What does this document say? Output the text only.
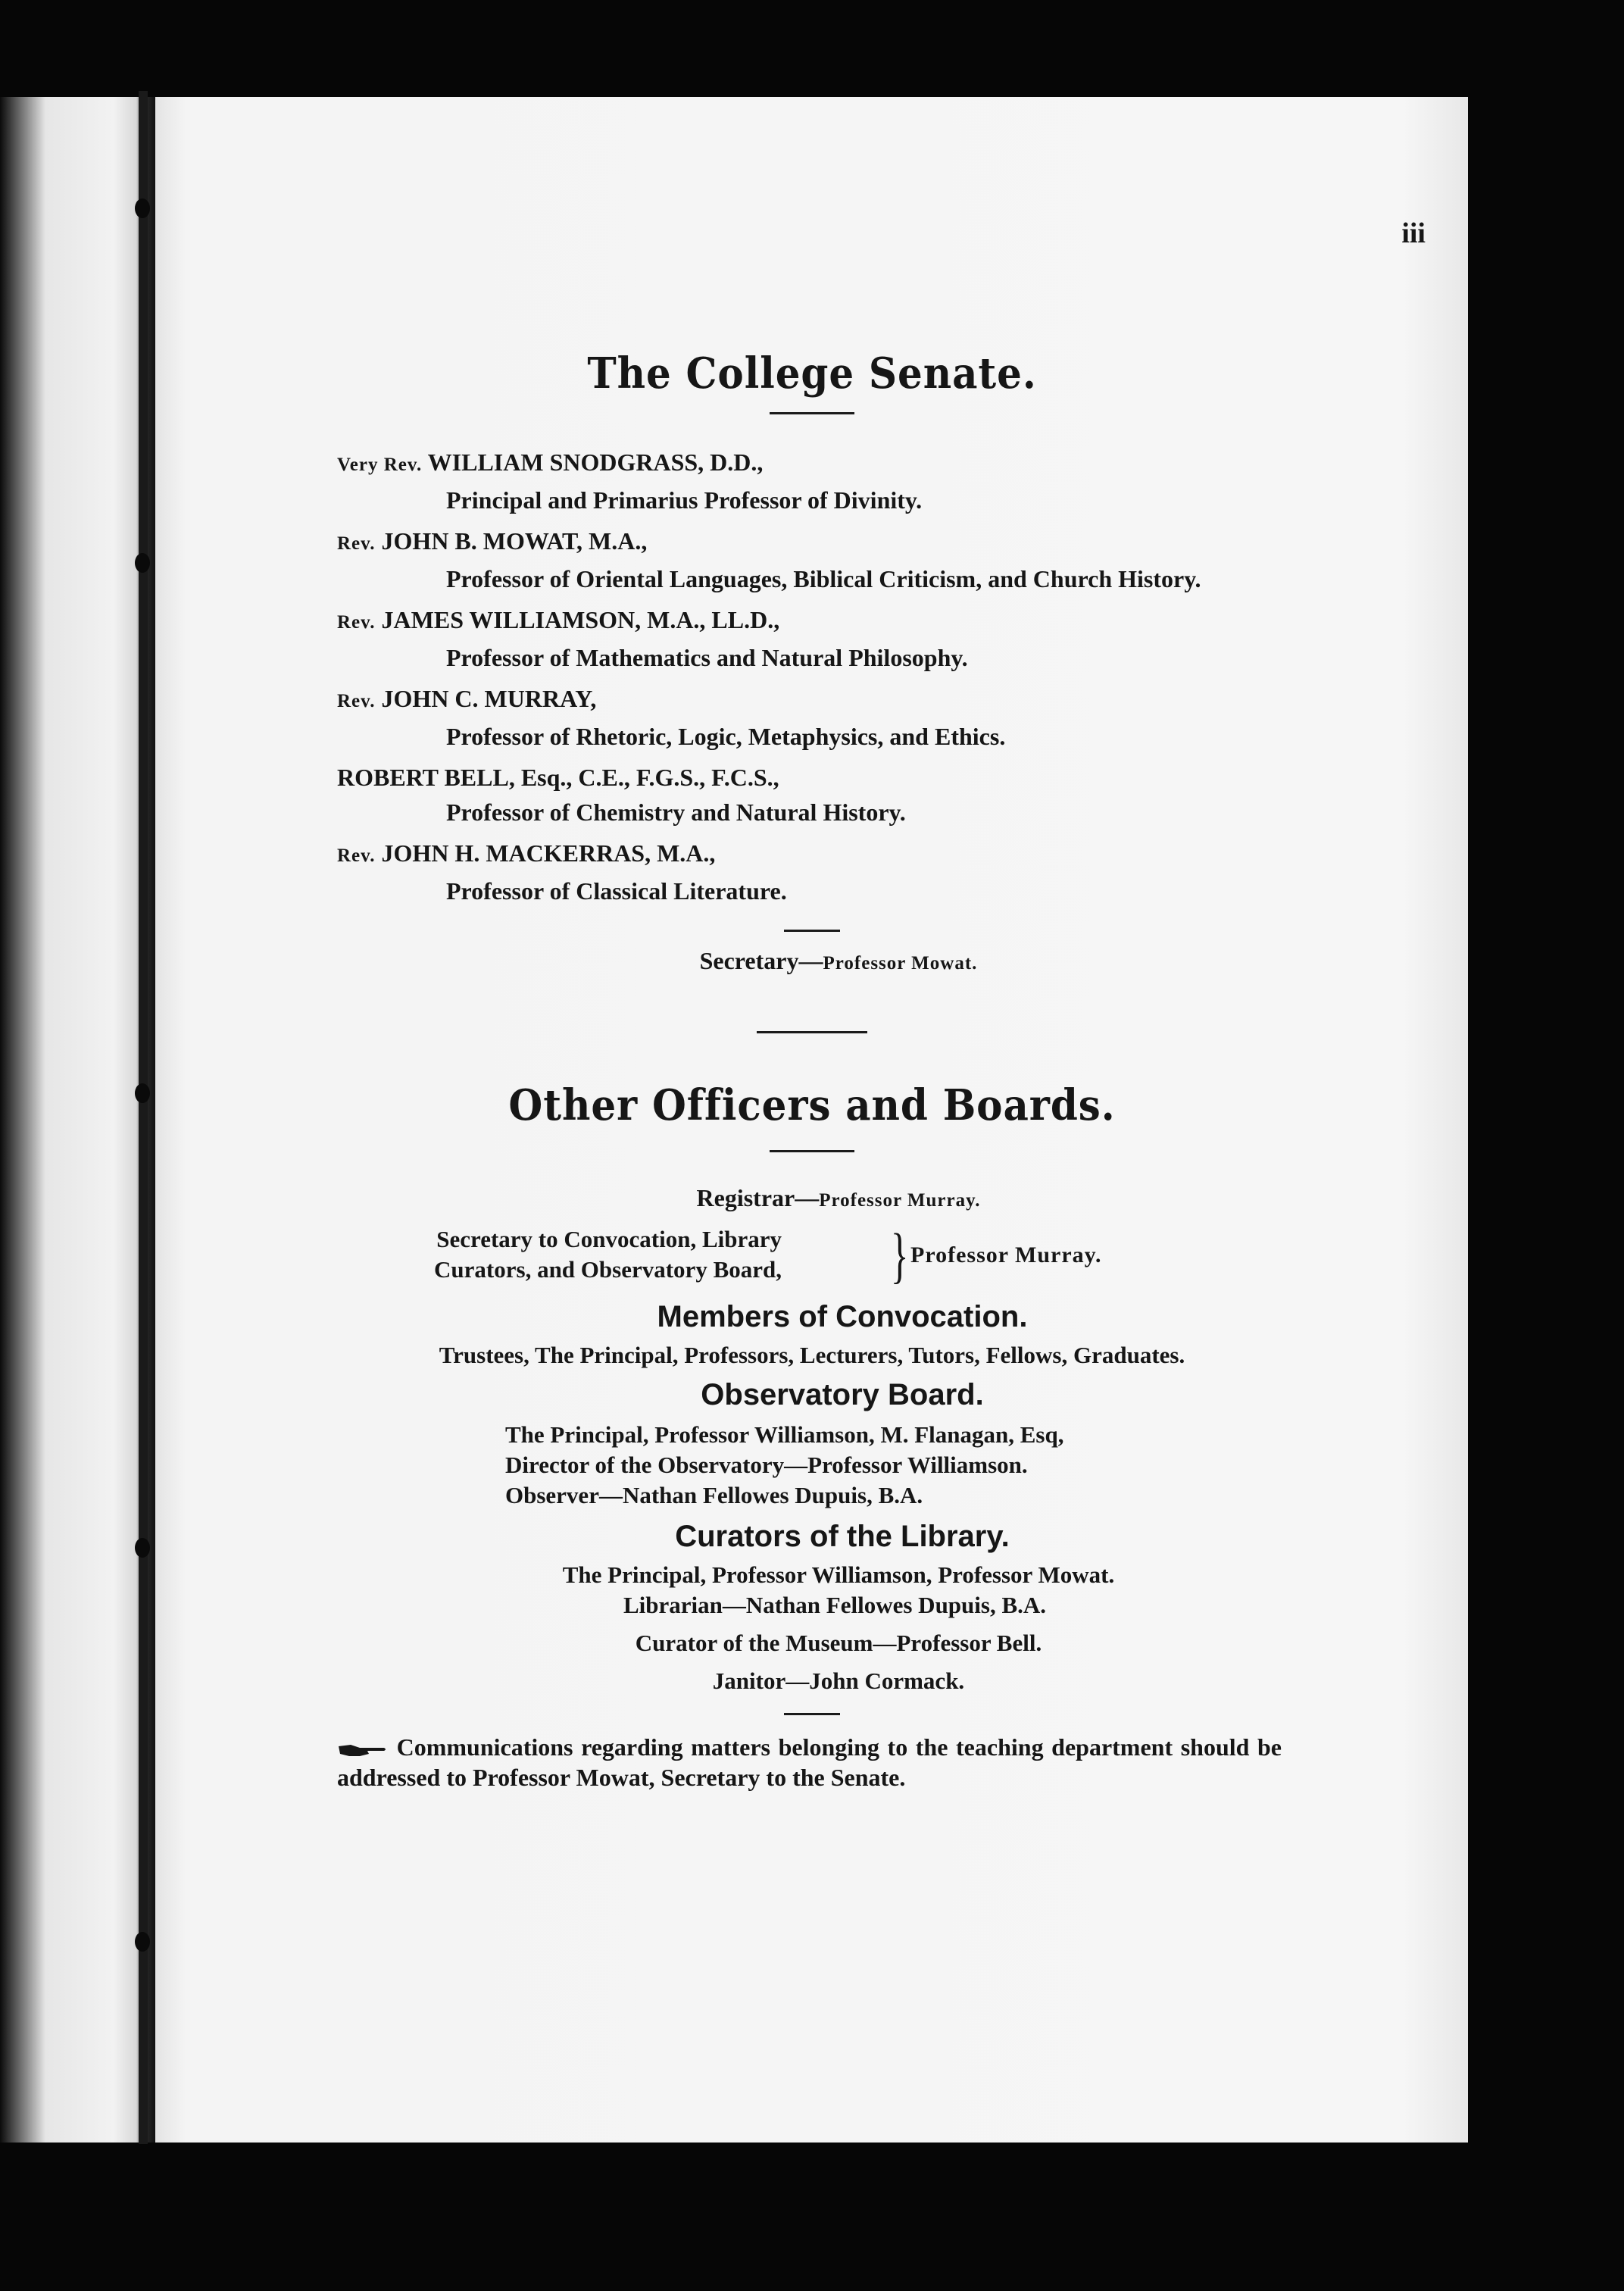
iii
The College Senate.
Very Rev. WILLIAM SNODGRASS, D.D.,
Principal and Primarius Professor of Divinity.
Rev. JOHN B. MOWAT, M.A.,
Professor of Oriental Languages, Biblical Criticism, and Church History.
Rev. JAMES WILLIAMSON, M.A., LL.D.,
Professor of Mathematics and Natural Philosophy.
Rev. JOHN C. MURRAY,
Professor of Rhetoric, Logic, Metaphysics, and Ethics.
ROBERT BELL, Esq., C.E., F.G.S., F.C.S.,
Professor of Chemistry and Natural History.
Rev. JOHN H. MACKERRAS, M.A.,
Professor of Classical Literature.
Secretary—Professor Mowat.
Other Officers and Boards.
Registrar—Professor Murray.
Secretary to Convocation, Library
Curators, and Observatory Board, } Professor Murray.
Members of Convocation.
Trustees, The Principal, Professors, Lecturers, Tutors, Fellows, Graduates.
Observatory Board.
The Principal, Professor Williamson, M. Flanagan, Esq,
Director of the Observatory—Professor Williamson.
Observer—Nathan Fellowes Dupuis, B.A.
Curators of the Library.
The Principal, Professor Williamson, Professor Mowat.
Librarian—Nathan Fellowes Dupuis, B.A.
Curator of the Museum—Professor Bell.
Janitor—John Cormack.
Communications regarding matters belonging to the teaching department should be addressed to Professor Mowat, Secretary to the Senate.
